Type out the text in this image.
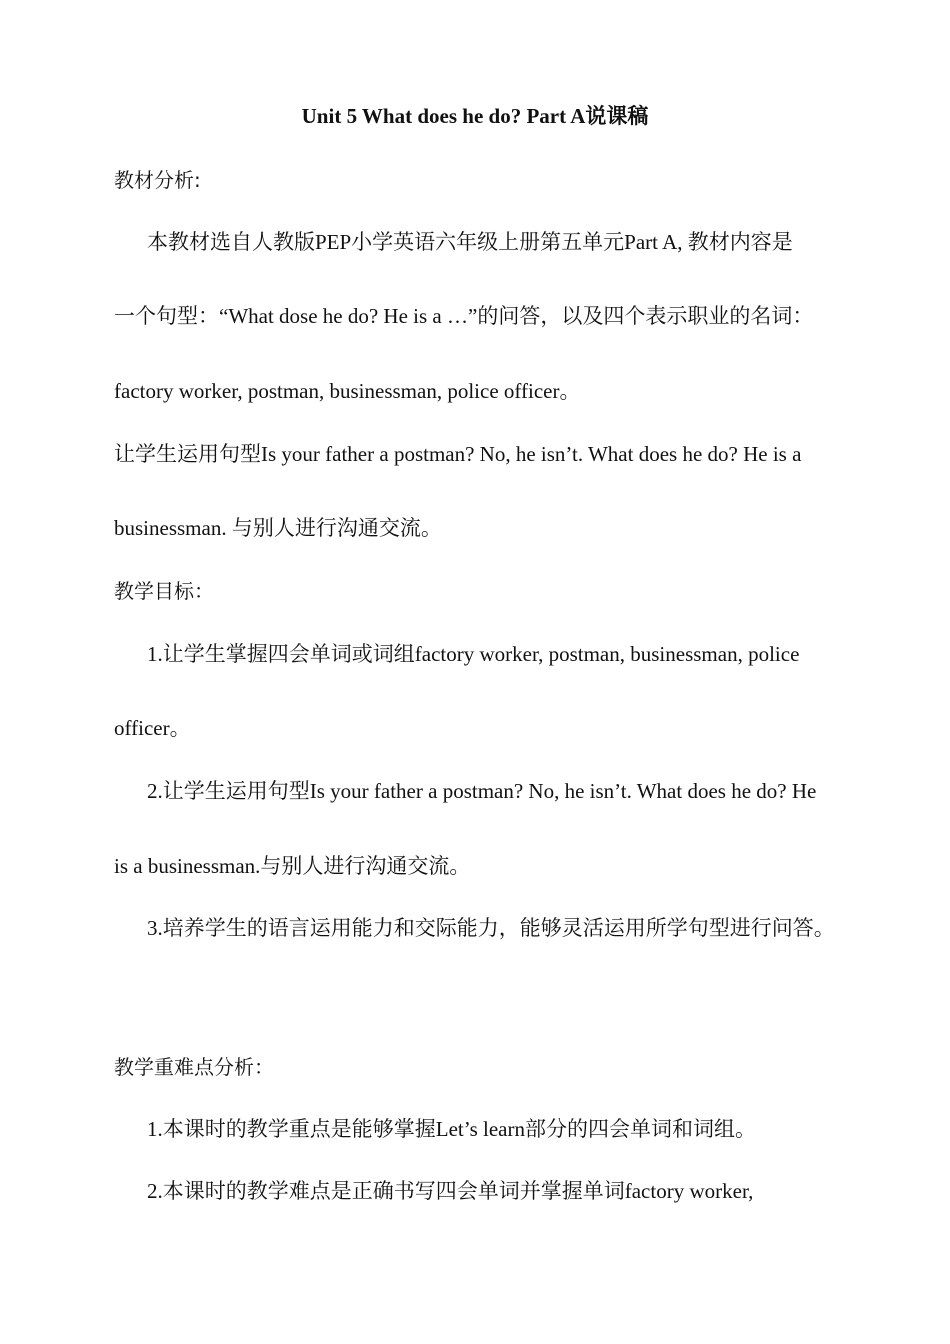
Unit 5 What does he do? Part A说课稿
教材分析:
本教材选自人教版PEP小学英语六年级上册第五单元Part A, 教材内容是
一个句型：“What dose he do? He is a …”的问答，以及四个表示职业的名词：
factory worker, postman, businessman, police officer。
让学生运用句型Is your father a postman? No, he isn’t. What does he do? He is a
businessman. 与别人进行沟通交流。
教学目标：
1.让学生掌握四会单词或词组factory worker, postman, businessman, police
officer。
2.让学生运用句型Is your father a postman? No, he isn’t. What does he do? He
is a businessman.与别人进行沟通交流。
3.培养学生的语言运用能力和交际能力，能够灵活运用所学句型进行问答。
教学重难点分析：
1.本课时的教学重点是能够掌握Let’s learn部分的四会单词和词组。
2.本课时的教学难点是正确书写四会单词并掌握单词factory worker,
